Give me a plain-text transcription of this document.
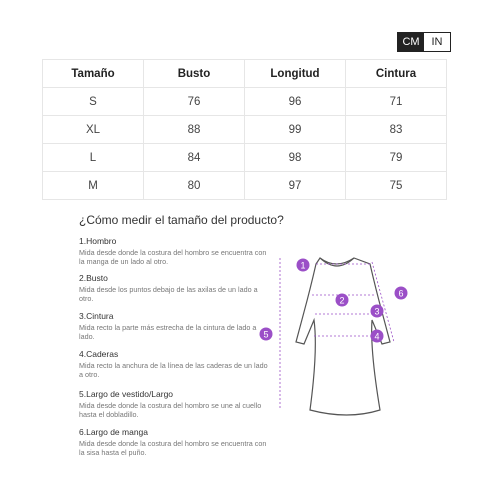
CM	IN
Tamaño	Busto	Longitud	Cintura
S	76	96	71
XL	88	99	83
L	84	98	79
M	80	97	75
¿Cómo medir el tamaño del producto?
1.Hombro
Mida desde donde la costura del hombro se encuentra con la manga de un lado al otro.
2.Busto
Mida desde los puntos debajo de las axilas de un lado a otro.
3.Cintura
Mida recto la parte más estrecha de la cintura de lado a lado.
4.Caderas
Mida recto la anchura de la línea de las caderas de un lado a otro.
5.Largo de vestido/Largo
Mida desde donde la costura del hombro se une al cuello hasta el dobladillo.
6.Largo de manga
Mida desde donde la costura del hombro se encuentra con la sisa hasta el puño.
1
2
3
4
5
6
